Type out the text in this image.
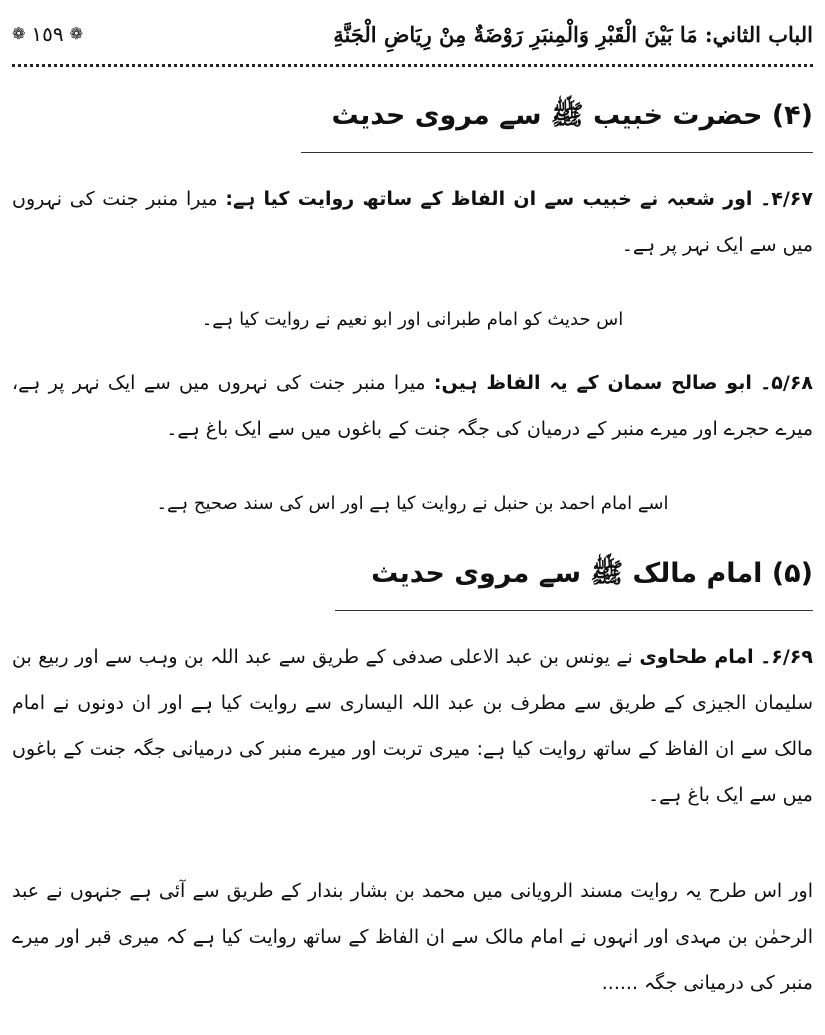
الباب الثاني: مَا بَيْنَ الْقَبْرِ وَالْمِنبَرِ رَوْضَةٌ مِنْ رِيَاضِ الْجَنَّةِ
❁ ١٥٩ ❁
(۴) حضرت خبیب ﷺ سے مروی حدیث
۴/۶۷۔ اور شعبہ نے خبیب سے ان الفاظ کے ساتھ روایت کیا ہے: میرا منبر جنت کی نہروں میں سے ایک نہر پر ہے۔
اس حدیث کو امام طبرانی اور ابو نعیم نے روایت کیا ہے۔
۵/۶۸۔ ابو صالح سمان کے یہ الفاظ ہیں: میرا منبر جنت کی نہروں میں سے ایک نہر پر ہے، میرے حجرے اور میرے منبر کے درمیان کی جگہ جنت کے باغوں میں سے ایک باغ ہے۔
اسے امام احمد بن حنبل نے روایت کیا ہے اور اس کی سند صحیح ہے۔
(۵) امام مالک ﷺ سے مروی حدیث
۶/۶۹۔ امام طحاوی نے یونس بن عبد الاعلی صدفی کے طریق سے عبد اللہ بن وہب سے اور ربیع بن سلیمان الجیزی کے طریق سے مطرف بن عبد اللہ الیساری سے روایت کیا ہے اور ان دونوں نے امام مالک سے ان الفاظ کے ساتھ روایت کیا ہے: میری تربت اور میرے منبر کی درمیانی جگہ جنت کے باغوں میں سے ایک باغ ہے۔
اور اس طرح یہ روایت مسند الرویانی میں محمد بن بشار بندار کے طریق سے آئی ہے جنہوں نے عبد الرحمٰن بن مہدی اور انہوں نے امام مالک سے ان الفاظ کے ساتھ روایت کیا ہے کہ میری قبر اور میرے منبر کی درمیانی جگہ ......
